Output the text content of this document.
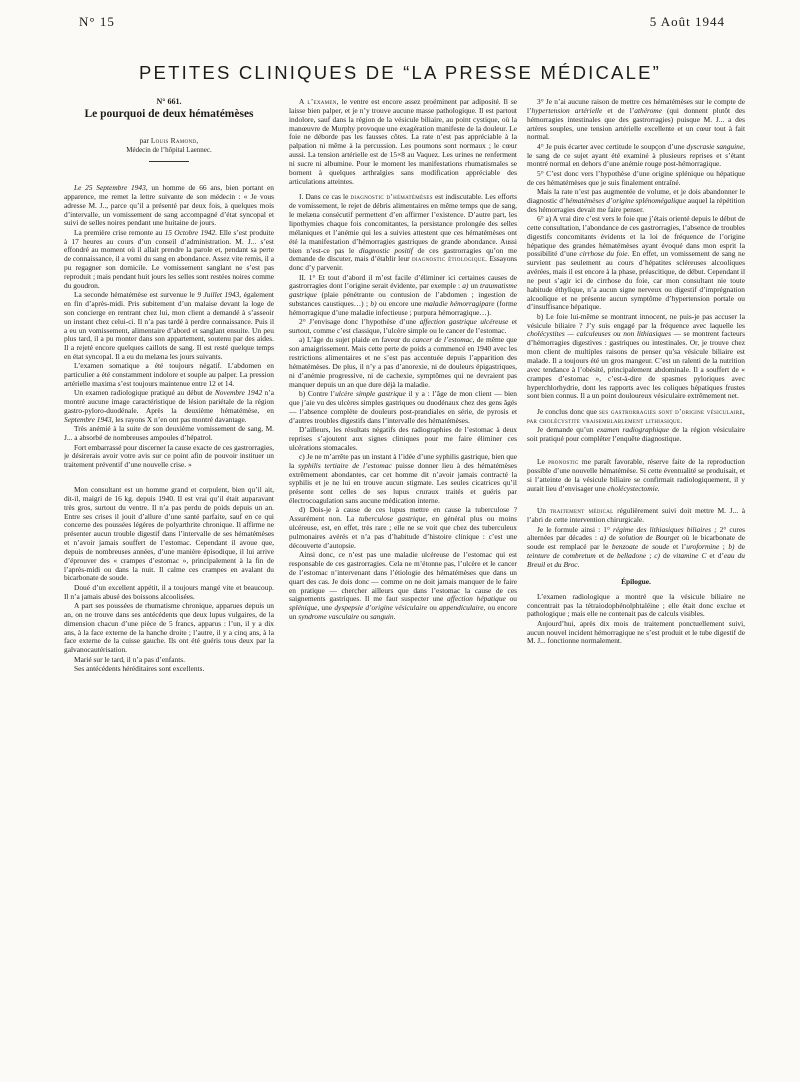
N° 15	5 Août 1944
PETITES CLINIQUES DE “LA PRESSE MÉDICALE”

N° 661.

Le pourquoi de deux hématémèses

par Louis Ramond,

Médecin de l’hôpital Laennec.

Le 25 Septembre 1943, un homme de 66 ans, bien portant en apparence, me remet la lettre suivante de son médecin : « Je vous adresse M. J.., parce qu’il a présenté par deux fois, à quelques mois d’intervalle, un vomissement de sang accompagné d’état syncopal et suivi de selles noires pendant une huitaine de jours.

La première crise remonte au 15 Octobre 1942. Elle s’est produite à 17 heures au cours d’un conseil d’administration. M. J... s’est effondré au moment où il allait prendre la parole et, pendant sa perte de connaissance, il a vomi du sang en abondance. Assez vite remis, il a pu regagner son domicile. Le vomissement sanglant ne s’est pas reproduit ; mais pendant huit jours les selles sont restées noires comme du goudron.

La seconde hématémèse est survenue le 9 Juillet 1943, également en fin d’après-midi. Pris subitement d’un malaise devant la loge de son concierge en rentrant chez lui, mon client a demandé à s’asseoir un instant chez celui-ci. Il n’a pas tardé à perdre connaissance. Puis il a eu un vomissement, alimentaire d’abord et sanglant ensuite. Un peu plus tard, il a pu monter dans son appartement, soutenu par des aides. Il a rejeté encore quelques caillots de sang. Il est resté quelque temps en état syncopal. Il a eu du melæna les jours suivants.

L’examen somatique a été toujours négatif. L’abdomen en particulier a été constamment indolore et souple au palper. La pression artérielle maxima s’est toujours maintenue entre 12 et 14.

Un examen radiologique pratiqué au début de Novembre 1942 n’a montré aucune image caractéristique de lésion pariétale de la région gastro-pyloro-duodénale. Après la deuxième hématémèse, en Septembre 1943, les rayons X n’en ont pas montré davantage.

Très anémié à la suite de son deuxième vomissement de sang, M. J... a absorbé de nombreuses ampoules d’hépatrol.

Fort embarrassé pour discerner la cause exacte de ces gastrorragies, je désirerais avoir votre avis sur ce point afin de pouvoir instituer un traitement préventif d’une nouvelle crise. »

Mon consultant est un homme grand et corpulent, bien qu’il ait, dit-il, maigri de 16 kg. depuis 1940. Il est vrai qu’il était auparavant très gros, surtout du ventre. Il n’a pas perdu de poids depuis un an. Entre ses crises il jouit d’allure d’une santé parfaite, sauf en ce qui concerne des poussées légères de polyarthrite chronique. Il affirme ne présenter aucun trouble digestif dans l’intervalle de ses hématémèses et n’avoir jamais souffert de l’estomac. Cependant il avoue que, depuis de nombreuses années, d’une manière épisodique, il lui arrive d’éprouver des « crampes d’estomac », principalement à la fin de l’après-midi ou dans la nuit. Il calme ces crampes en avalant du bicarbonate de soude.

Doué d’un excellent appétit, il a toujours mangé vite et beaucoup. Il n’a jamais abusé des boissons alcoolisées.

A part ses poussées de rhumatisme chronique, apparues depuis un an, on ne trouve dans ses antécédents que deux lupus vulgaires, de la dimension chacun d’une pièce de 5 francs, apparus : l’un, il y a dix ans, à la face externe de la hanche droite ; l’autre, il y a cinq ans, à la face externe de la cuisse gauche. Ils ont été guéris tous deux par la galvanocautérisation.

Marié sur le tard, il n’a pas d’enfants.

Ses antécédents héréditaires sont excellents.

A l’examen, le ventre est encore assez proéminent par adiposité. Il se laisse bien palper, et je n’y trouve aucune masse pathologique. Il est partout indolore, sauf dans la région de la vésicule biliaire, au point cystique, où la manœuvre de Murphy provoque une exagération manifeste de la douleur. Le foie ne déborde pas les fausses côtes. La rate n’est pas appréciable à la palpation ni même à la percussion. Les poumons sont normaux ; le cœur aussi. La tension artérielle est de 15×8 au Vaquez. Les urines ne renferment ni sucre ni albumine. Pour le moment les manifestations rhumatismales se bornent à quelques arthralgies sans modification appréciable des articulations atteintes.

I. Dans ce cas le diagnostic d’hématémèses est indiscutable. Les efforts de vomissement, le rejet de débris alimentaires en même temps que de sang, le melæna consécutif permettent d’en affirmer l’existence. D’autre part, les lipothymies chaque fois concomitantes, la persistance prolongée des selles mélaniques et l’anémie qui les a suivies attestent que ces hématémèses ont été la manifestation d’hémorragies gastriques de grande abondance. Aussi bien n’est-ce pas le diagnostic positif de ces gastrorragies qu’on me demande de discuter, mais d’établir leur diagnostic étiologique. Essayons donc d’y parvenir.

II. 1° Et tout d’abord il m’est facile d’éliminer ici certaines causes de gastrorragies dont l’origine serait évidente, par exemple : a) un traumatisme gastrique (plaie pénétrante ou contusion de l’abdomen ; ingestion de substances caustiques…) ; b) ou encore une maladie hémorragipare (forme hémorragique d’une maladie infectieuse ; purpura hémorragique…).

2° J’envisage donc l’hypothèse d’une affection gastrique ulcéreuse et surtout, comme c’est classique, l’ulcère simple ou le cancer de l’estomac.

a) L’âge du sujet plaide en faveur du cancer de l’estomac, de même que son amaigrissement. Mais cette perte de poids a commencé en 1940 avec les restrictions alimentaires et ne s’est pas accentuée depuis l’apparition des hématémèses. De plus, il n’y a pas d’anorexie, ni de douleurs épigastriques, ni d’anémie progressive, ni de cachexie, symptômes qui ne devraient pas manquer depuis un an que dure déjà la maladie.

b) Contre l’ulcère simple gastrique il y a : l’âge de mon client — bien que j’aie vu des ulcères simples gastriques ou duodénaux chez des gens âgés — l’absence complète de douleurs post-prandiales en série, de pyrosis et d’autres troubles digestifs dans l’intervalle des hématémèses.

D’ailleurs, les résultats négatifs des radiographies de l’estomac à deux reprises s’ajoutent aux signes cliniques pour me faire éliminer ces ulcérations stomacales.

c) Je ne m’arrête pas un instant à l’idée d’une syphilis gastrique, bien que la syphilis tertiaire de l’estomac puisse donner lieu à des hématémèses extrêmement abondantes, car cet homme dit n’avoir jamais contracté la syphilis et je ne lui en trouve aucun stigmate. Les seules cicatrices qu’il présente sont celles de ses lupus cruraux traités et guéris par électrocoagulation sans aucune médication interne.

d) Dois-je à cause de ces lupus mettre en cause la tuberculose ? Assurément non. La tuberculose gastrique, en général plus ou moins ulcéreuse, est, en effet, très rare ; elle ne se voit que chez des tuberculeux pulmonaires avérés et n’a pas d’habitude d’histoire clinique : c’est une découverte d’autopsie.

Ainsi donc, ce n’est pas une maladie ulcéreuse de l’estomac qui est responsable de ces gastrorragies. Cela ne m’étonne pas, l’ulcère et le cancer de l’estomac n’intervenant dans l’étiologie des hématémèses que dans un quart des cas. Je dois donc — comme on ne doit jamais manquer de le faire en pratique — chercher ailleurs que dans l’estomac la cause de ces saignements gastriques. Il me faut suspecter une affection hépatique ou splénique, une dyspepsie d’origine vésiculaire ou appendiculaire, ou encore un syndrome vasculaire ou sanguin.

3° Je n’ai aucune raison de mettre ces hématémèses sur le compte de l’hypertension artérielle et de l’athérome (qui donnent plutôt des hémorragies intestinales que des gastrorragies) puisque M. J... a des artères souples, une tension artérielle excellente et un cœur tout à fait normal.

4° Je puis écarter avec certitude le soupçon d’une dyscrasie sanguine, le sang de ce sujet ayant été examiné à plusieurs reprises et s’étant montré normal en dehors d’une anémie rouge post-hémorragique.

5° C’est donc vers l’hypothèse d’une origine splénique ou hépatique de ces hématémèses que je suis finalement entraîné.

Mais la rate n’est pas augmentée de volume, et je dois abandonner le diagnostic d’hématémèses d’origine splénomégalique auquel la répétition des hémorragies devait me faire penser.

6° a) A vrai dire c’est vers le foie que j’étais orienté depuis le début de cette consultation, l’abondance de ces gastrorragies, l’absence de troubles digestifs concomitants évidents et la loi de fréquence de l’origine hépatique des grandes hématémèses ayant évoqué dans mon esprit la possibilité d’une cirrhose du foie. En effet, un vomissement de sang ne survient pas seulement au cours d’hépatites scléreuses alcooliques avérées, mais il est encore à la phase, préascitique, de début. Cependant il ne peut s’agir ici de cirrhose du foie, car mon consultant nie toute habitude éthylique, n’a aucun signe nerveux ou digestif d’imprégnation alcoolique et ne présente aucun symptôme d’hypertension portale ou d’insuffisance hépatique.

b) Le foie lui-même se montrant innocent, ne puis-je pas accuser la vésicule biliaire ? J’y suis engagé par la fréquence avec laquelle les cholécystites — calculeuses ou non lithiasiques — se montrent facteurs d’hémorragies digestives : gastriques ou intestinales. Or, je trouve chez mon client de multiples raisons de penser qu’sa vésicule biliaire est malade. Il a toujours été un gros mangeur. C’est un ralenti de la nutrition avec tendance à l’obésité, principalement abdominale. Il a souffert de « crampes d’estomac », c’est-à-dire de spasmes pyloriques avec hyperchlorhydrie, dont les rapports avec les coliques hépatiques frustes sont bien connus. Il a un point douloureux vésiculaire extrêmement net.

Je conclus donc que ses gastrorragies sont d’origine vésiculaire, par cholécystite vraisemblablement lithiasique.

Je demande qu’un examen radiographique de la région vésiculaire soit pratiqué pour compléter l’enquête diagnostique.

Le pronostic me paraît favorable, réserve faite de la reproduction possible d’une nouvelle hématémèse. Si cette éventualité se produisait, et si l’atteinte de la vésicule biliaire se confirmait radiologiquement, il y aurait lieu d’envisager une cholécystectomie.

Un traitement médical régulièrement suivi doit mettre M. J... à l’abri de cette intervention chirurgicale.

Je le formule ainsi : 1° régime des lithiasiques biliaires ; 2° cures alternées par décades : a) de solution de Bourget où le bicarbonate de soude est remplacé par le benzoate de soude et l’uroformine ; b) de teinture de combretum et de belladone ; c) de vitamine C et d’eau du Breuil et du Broc.

Épilogue.

L’examen radiologique a montré que la vésicule biliaire ne concentrait pas la tétraiodophénolphtaléine ; elle était donc exclue et pathologique ; mais elle ne contenait pas de calculs visibles.

Aujourd’hui, après dix mois de traitement ponctuellement suivi, aucun nouvel incident hémorragique ne s’est produit et le tube digestif de M. J... fonctionne normalement.
